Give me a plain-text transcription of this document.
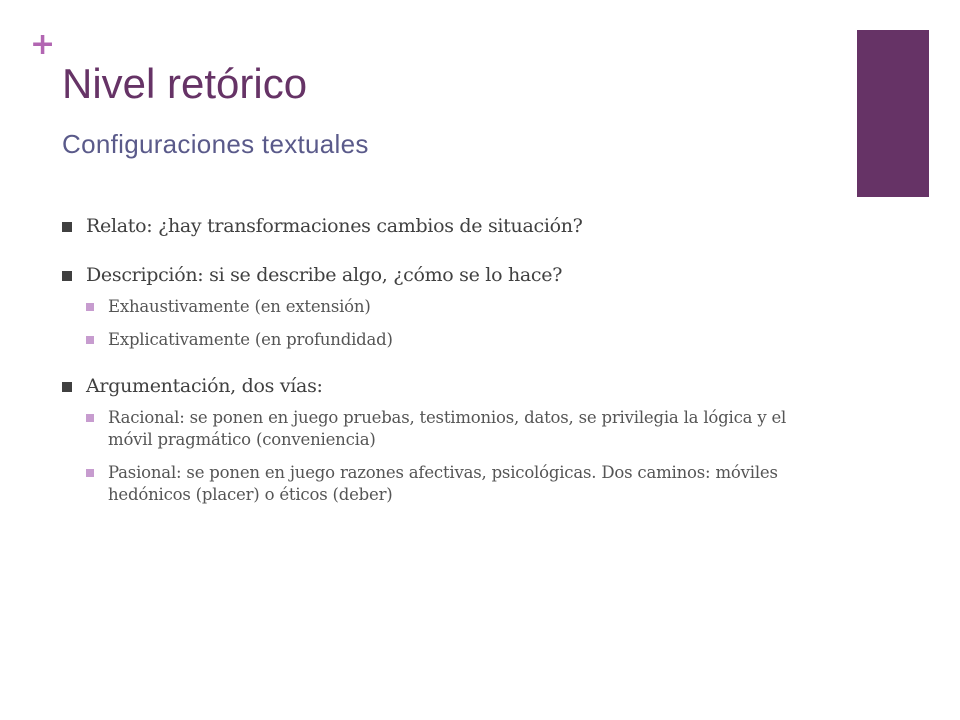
+
Nivel retórico
Configuraciones textuales
Relato: ¿hay transformaciones cambios de situación?
Descripción: si se describe algo, ¿cómo se lo hace?
Exhaustivamente (en extensión)
Explicativamente (en profundidad)
Argumentación, dos vías:
Racional: se ponen en juego pruebas, testimonios, datos, se privilegia la lógica y el móvil pragmático (conveniencia)
Pasional: se ponen en juego razones afectivas, psicológicas. Dos caminos: móviles hedónicos (placer) o éticos (deber)
